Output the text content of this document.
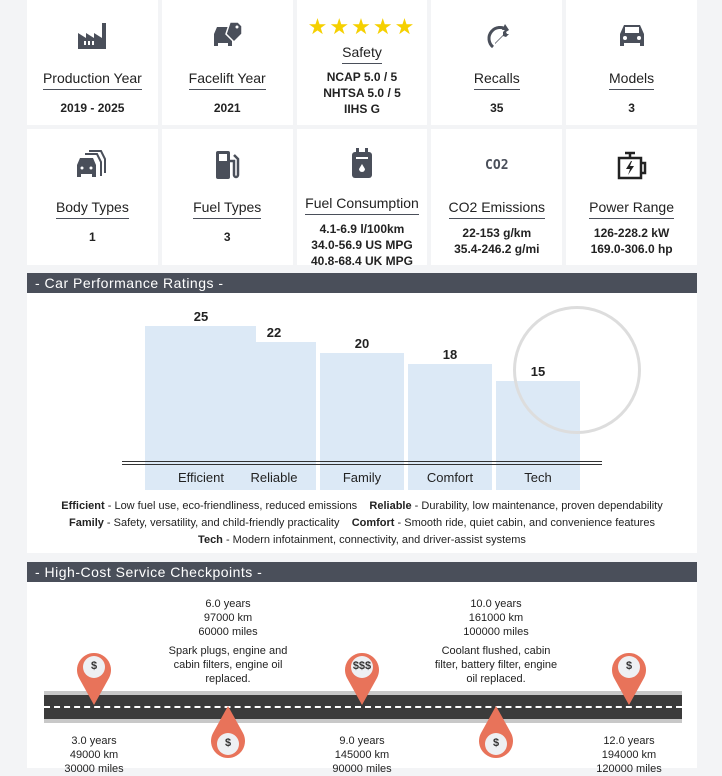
Production Year
2019 - 2025
Facelift Year
2021
★★★★★
Safety
NCAP 5.0 / 5
NHTSA 5.0 / 5
IIHS G
Recalls
35
Models
3
Body Types
1
Fuel Types
3
Fuel Consumption
4.1-6.9 l/100km
34.0-56.9 US MPG
40.8-68.4 UK MPG
CO2
CO2 Emissions
22-153 g/km
35.4-246.2 g/mi
Power Range
126-228.2 kW
169.0-306.0 hp
- Car Performance Ratings -
25
Efficient
22
Reliable
20
Family
18
Comfort
15
Tech
Efficient - Low fuel use, eco-friendliness, reduced emissions Reliable - Durability, low maintenance, proven dependability
Family - Safety, versatility, and child-friendly practicality Comfort - Smooth ride, quiet cabin, and convenience features
Tech - Modern infotainment, connectivity, and driver-assist systems
- High-Cost Service Checkpoints -
$
3.0 years
49000 km
30000 miles
$
6.0 years
97000 km
60000 miles
Spark plugs, engine and cabin filters, engine oil replaced.
$$$
9.0 years
145000 km
90000 miles
$
10.0 years
161000 km
100000 miles
Coolant flushed, cabin filter, battery filter, engine oil replaced.
$
12.0 years
194000 km
120000 miles
